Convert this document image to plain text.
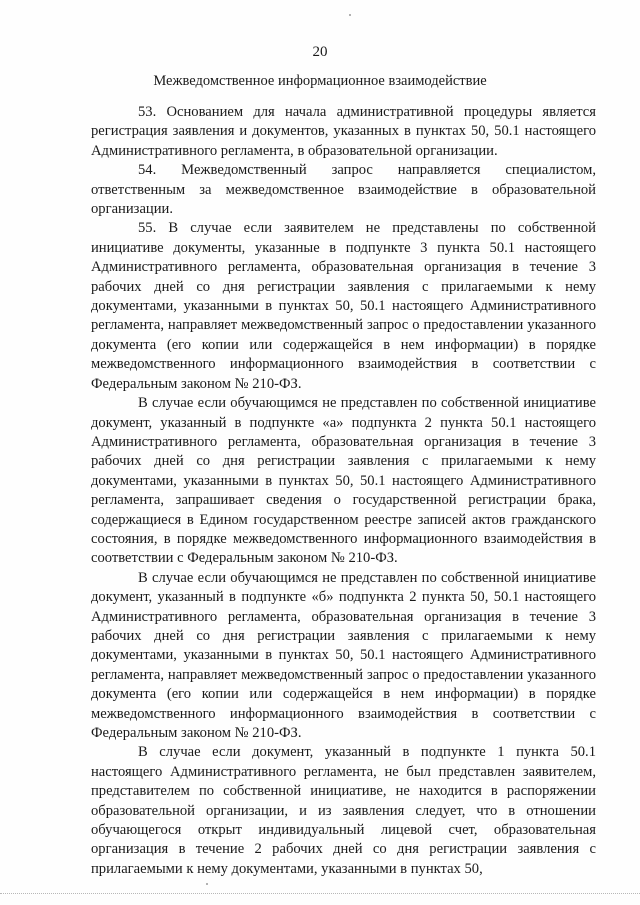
20
Межведомственное информационное взаимодействие

53. Основанием для начала административной процедуры является регистрация заявления и документов, указанных в пунктах 50, 50.1 настоящего Административного регламента, в образовательной организации.

54. Межведомственный запрос направляется специалистом, ответственным за межведомственное взаимодействие в образовательной организации.

55. В случае если заявителем не представлены по собственной инициативе документы, указанные в подпункте 3 пункта 50.1 настоящего Административного регламента, образовательная организация в течение 3 рабочих дней со дня регистрации заявления с прилагаемыми к нему документами, указанными в пунктах 50, 50.1 настоящего Административного регламента, направляет межведомственный запрос о предоставлении указанного документа (его копии или содержащейся в нем информации) в порядке межведомственного информационного взаимодействия в соответствии с Федеральным законом № 210-ФЗ.

В случае если обучающимся не представлен по собственной инициативе документ, указанный в подпункте «а» подпункта 2 пункта 50.1 настоящего Административного регламента, образовательная организация в течение 3 рабочих дней со дня регистрации заявления с прилагаемыми к нему документами, указанными в пунктах 50, 50.1 настоящего Административного регламента, запрашивает сведения о государственной регистрации брака, содержащиеся в Едином государственном реестре записей актов гражданского состояния, в порядке межведомственного информационного взаимодействия в соответствии с Федеральным законом № 210-ФЗ.

В случае если обучающимся не представлен по собственной инициативе документ, указанный в подпункте «б» подпункта 2 пункта 50, 50.1 настоящего Административного регламента, образовательная организация в течение 3 рабочих дней со дня регистрации заявления с прилагаемыми к нему документами, указанными в пунктах 50, 50.1 настоящего Административного регламента, направляет межведомственный запрос о предоставлении указанного документа (его копии или содержащейся в нем информации) в порядке межведомственного информационного взаимодействия в соответствии с Федеральным законом № 210-ФЗ.

В случае если документ, указанный в подпункте 1 пункта 50.1 настоящего Административного регламента, не был представлен заявителем, представителем по собственной инициативе, не находится в распоряжении образовательной организации, и из заявления следует, что в отношении обучающегося открыт индивидуальный лицевой счет, образовательная организация в течение 2 рабочих дней со дня регистрации заявления с прилагаемыми к нему документами, указанными в пунктах 50,
